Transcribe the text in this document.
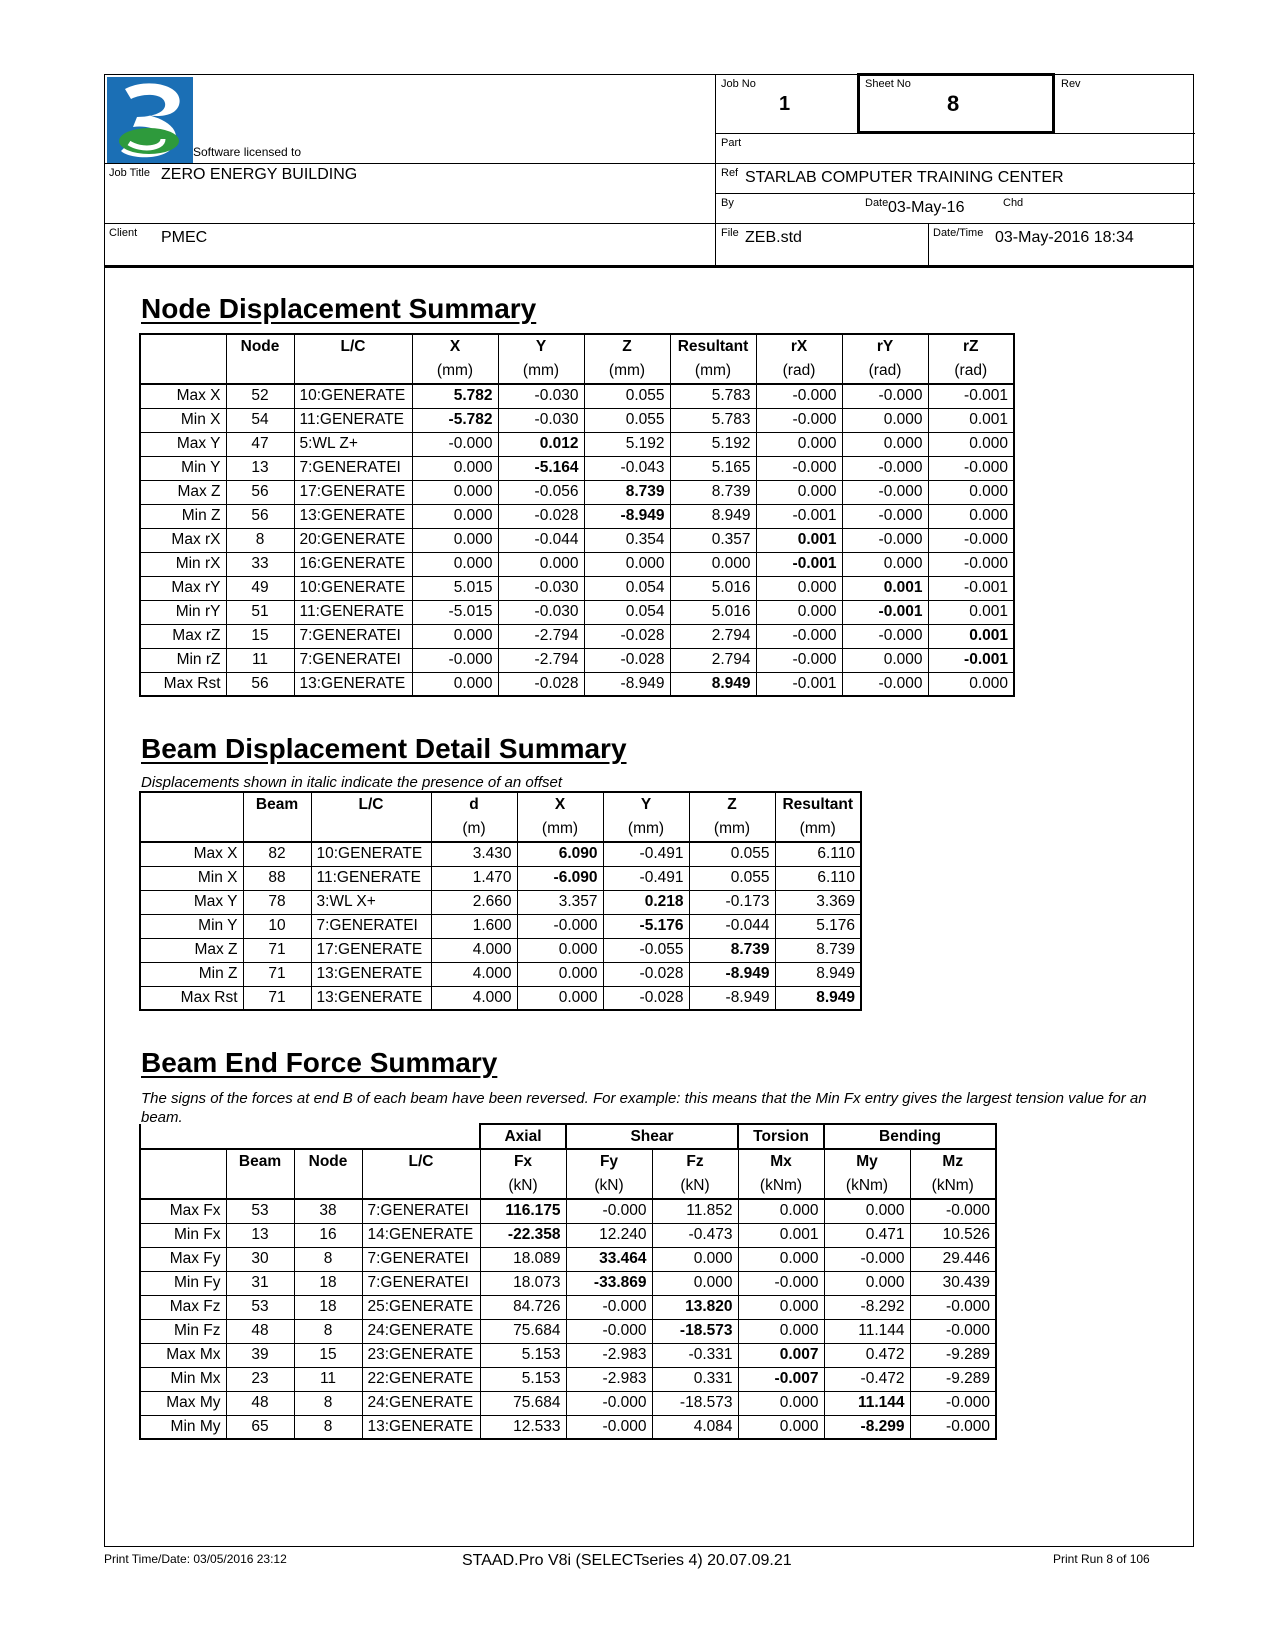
Software licensed to
Job No
1
Sheet No
8
Rev
Part
Job Title ZERO ENERGY BUILDING	Ref STARLAB COMPUTER TRAINING CENTER
By	Date 03-May-16	Chd
Client PMEC	File ZEB.std	Date/Time 03-May-2016 18:34
Node Displacement Summary
	Node	L/C	X	Y	Z	Resultant	rX	rY	rZ
			(mm)	(mm)	(mm)	(mm)	(rad)	(rad)	(rad)
Max X	52	10:GENERATE	5.782	-0.030	0.055	5.783	-0.000	-0.000	-0.001
Min X	54	11:GENERATE	-5.782	-0.030	0.055	5.783	-0.000	0.000	0.001
Max Y	47	5:WL Z+	-0.000	0.012	5.192	5.192	0.000	0.000	0.000
Min Y	13	7:GENERATEI	0.000	-5.164	-0.043	5.165	-0.000	-0.000	-0.000
Max Z	56	17:GENERATE	0.000	-0.056	8.739	8.739	0.000	-0.000	0.000
Min Z	56	13:GENERATE	0.000	-0.028	-8.949	8.949	-0.001	-0.000	0.000
Max rX	8	20:GENERATE	0.000	-0.044	0.354	0.357	0.001	-0.000	-0.000
Min rX	33	16:GENERATE	0.000	0.000	0.000	0.000	-0.001	0.000	-0.000
Max rY	49	10:GENERATE	5.015	-0.030	0.054	5.016	0.000	0.001	-0.001
Min rY	51	11:GENERATE	-5.015	-0.030	0.054	5.016	0.000	-0.001	0.001
Max rZ	15	7:GENERATEI	0.000	-2.794	-0.028	2.794	-0.000	-0.000	0.001
Min rZ	11	7:GENERATEI	-0.000	-2.794	-0.028	2.794	-0.000	0.000	-0.001
Max Rst	56	13:GENERATE	0.000	-0.028	-8.949	8.949	-0.001	-0.000	0.000
Beam Displacement Detail Summary
Displacements shown in italic indicate the presence of an offset
	Beam	L/C	d	X	Y	Z	Resultant
			(m)	(mm)	(mm)	(mm)	(mm)
Max X	82	10:GENERATE	3.430	6.090	-0.491	0.055	6.110
Min X	88	11:GENERATE	1.470	-6.090	-0.491	0.055	6.110
Max Y	78	3:WL X+	2.660	3.357	0.218	-0.173	3.369
Min Y	10	7:GENERATEI	1.600	-0.000	-5.176	-0.044	5.176
Max Z	71	17:GENERATE	4.000	0.000	-0.055	8.739	8.739
Min Z	71	13:GENERATE	4.000	0.000	-0.028	-8.949	8.949
Max Rst	71	13:GENERATE	4.000	0.000	-0.028	-8.949	8.949
Beam End Force Summary
The signs of the forces at end B of each beam have been reversed. For example: this means that the Min Fx entry gives the largest tension value for an beam.
				Axial	Shear		Torsion	Bending	
	Beam	Node	L/C	Fx	Fy	Fz	Mx	My	Mz
				(kN)	(kN)	(kN)	(kNm)	(kNm)	(kNm)
Max Fx	53	38	7:GENERATEI	116.175	-0.000	11.852	0.000	0.000	-0.000
Min Fx	13	16	14:GENERATE	-22.358	12.240	-0.473	0.001	0.471	10.526
Max Fy	30	8	7:GENERATEI	18.089	33.464	0.000	0.000	-0.000	29.446
Min Fy	31	18	7:GENERATEI	18.073	-33.869	0.000	-0.000	0.000	30.439
Max Fz	53	18	25:GENERATE	84.726	-0.000	13.820	0.000	-8.292	-0.000
Min Fz	48	8	24:GENERATE	75.684	-0.000	-18.573	0.000	11.144	-0.000
Max Mx	39	15	23:GENERATE	5.153	-2.983	-0.331	0.007	0.472	-9.289
Min Mx	23	11	22:GENERATE	5.153	-2.983	0.331	-0.007	-0.472	-9.289
Max My	48	8	24:GENERATE	75.684	-0.000	-18.573	0.000	11.144	-0.000
Min My	65	8	13:GENERATE	12.533	-0.000	4.084	0.000	-8.299	-0.000
Print Time/Date: 03/05/2016 23:12	STAAD.Pro V8i (SELECTseries 4) 20.07.09.21	Print Run 8 of 106
